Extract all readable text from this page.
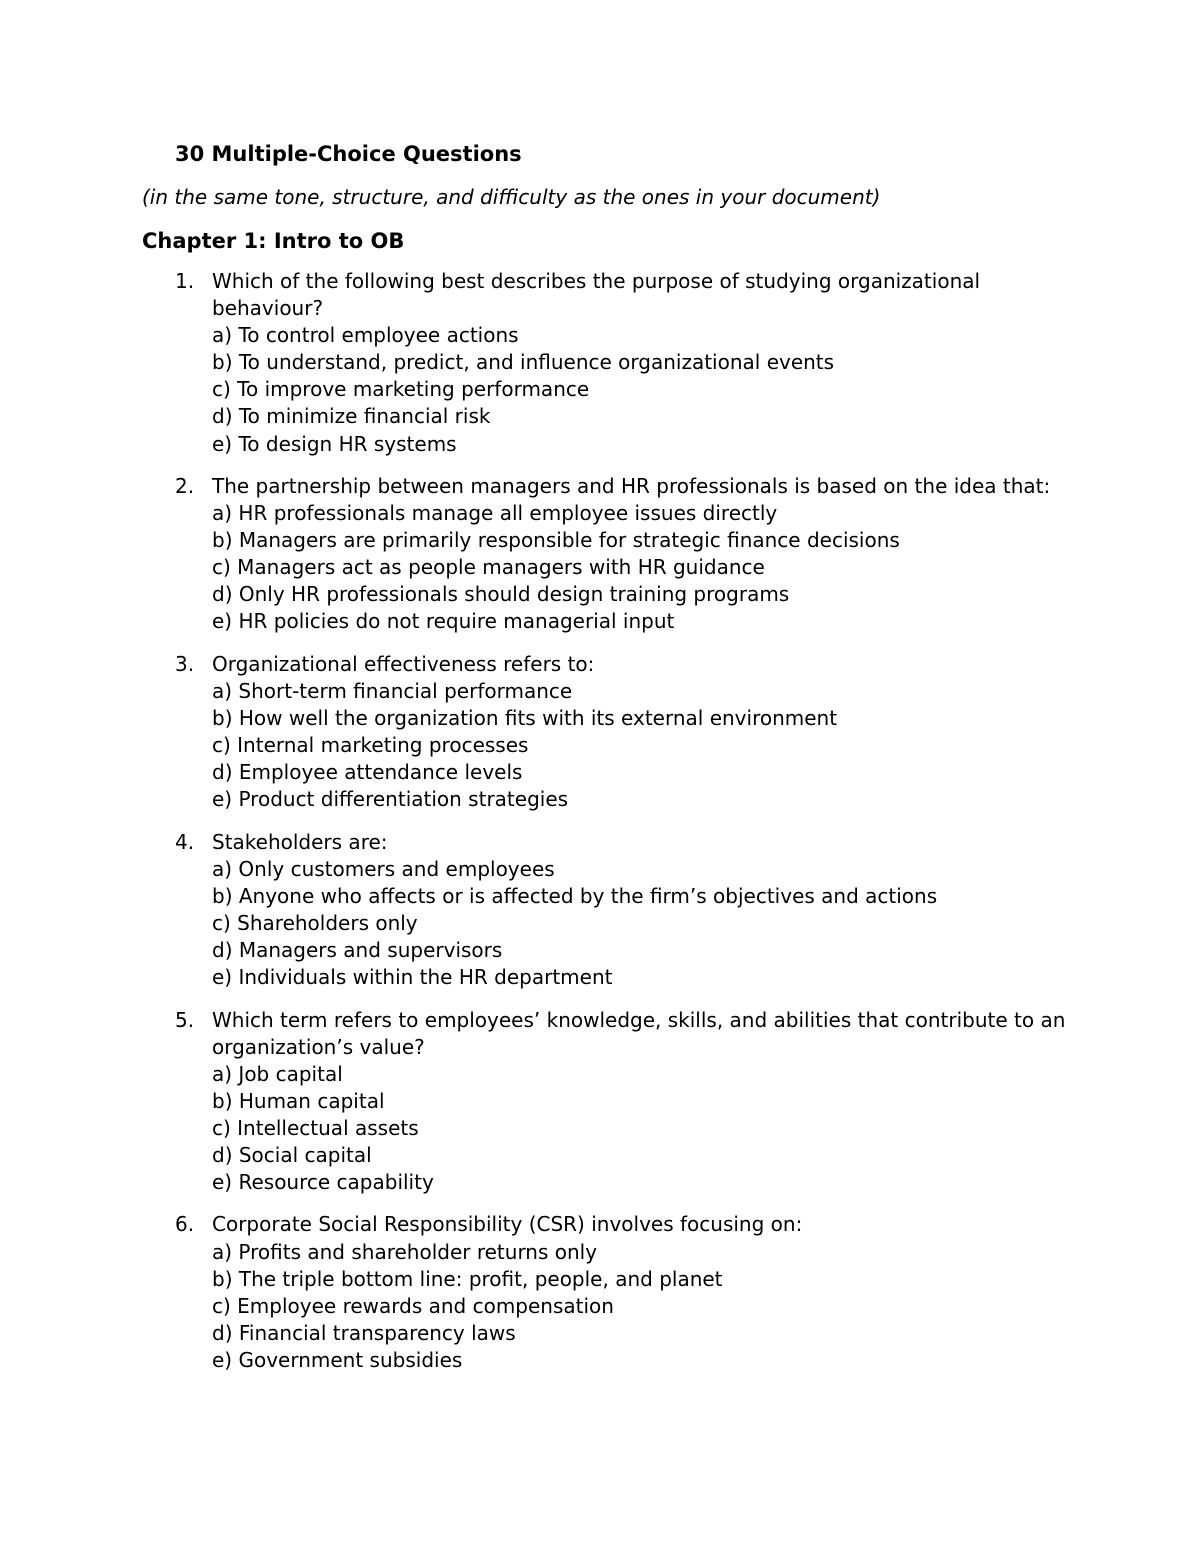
30 Multiple-Choice Questions
(in the same tone, structure, and difficulty as the ones in your document)
Chapter 1: Intro to OB
1. Which of the following best describes the purpose of studying organizational behaviour?
a) To control employee actions
b) To understand, predict, and influence organizational events
c) To improve marketing performance
d) To minimize financial risk
e) To design HR systems
2. The partnership between managers and HR professionals is based on the idea that:
a) HR professionals manage all employee issues directly
b) Managers are primarily responsible for strategic finance decisions
c) Managers act as people managers with HR guidance
d) Only HR professionals should design training programs
e) HR policies do not require managerial input
3. Organizational effectiveness refers to:
a) Short-term financial performance
b) How well the organization fits with its external environment
c) Internal marketing processes
d) Employee attendance levels
e) Product differentiation strategies
4. Stakeholders are:
a) Only customers and employees
b) Anyone who affects or is affected by the firm’s objectives and actions
c) Shareholders only
d) Managers and supervisors
e) Individuals within the HR department
5. Which term refers to employees’ knowledge, skills, and abilities that contribute to an organization’s value?
a) Job capital
b) Human capital
c) Intellectual assets
d) Social capital
e) Resource capability
6. Corporate Social Responsibility (CSR) involves focusing on:
a) Profits and shareholder returns only
b) The triple bottom line: profit, people, and planet
c) Employee rewards and compensation
d) Financial transparency laws
e) Government subsidies
